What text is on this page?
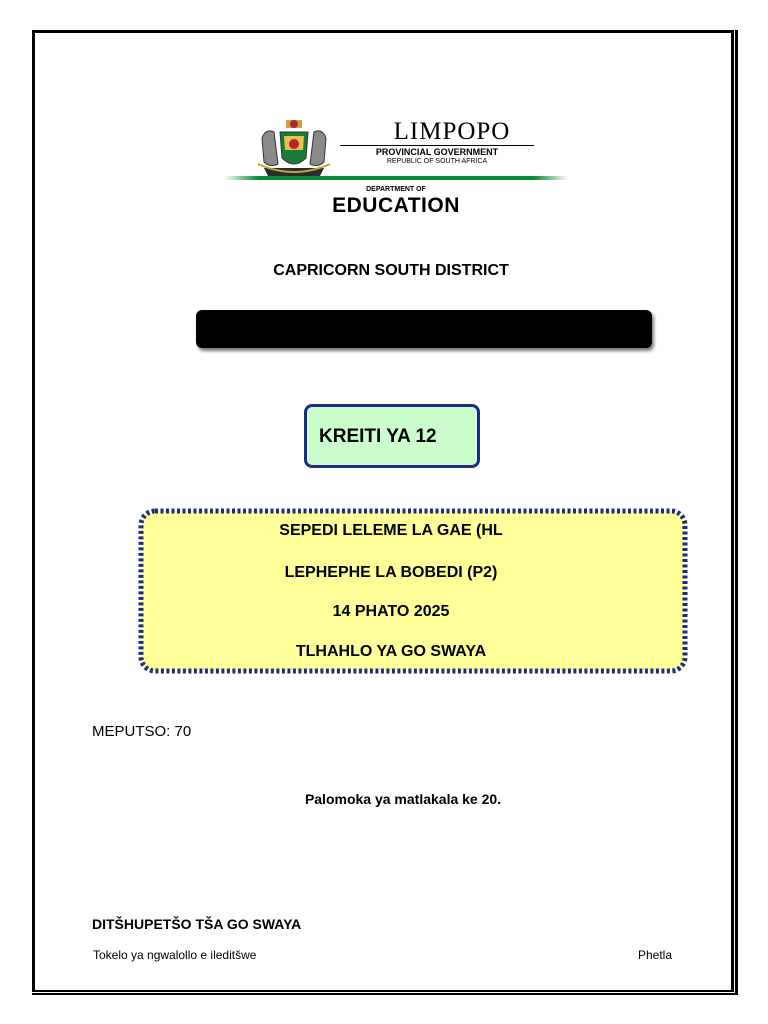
LIMPOPO
PROVINCIAL GOVERNMENT
REPUBLIC OF SOUTH AFRICA
DEPARTMENT OF
EDUCATION
CAPRICORN SOUTH DISTRICT
KREITI YA 12
SEPEDI LELEME LA GAE (HL
LEPHEPHE LA BOBEDI (P2)
14 PHATO 2025
TLHAHLO YA GO SWAYA
MEPUTSO: 70
Palomoka ya matlakala ke 20.
DITŠHUPETŠO TŠA GO SWAYA
Tokelo ya ngwalollo e ileditšwe	Phetla
